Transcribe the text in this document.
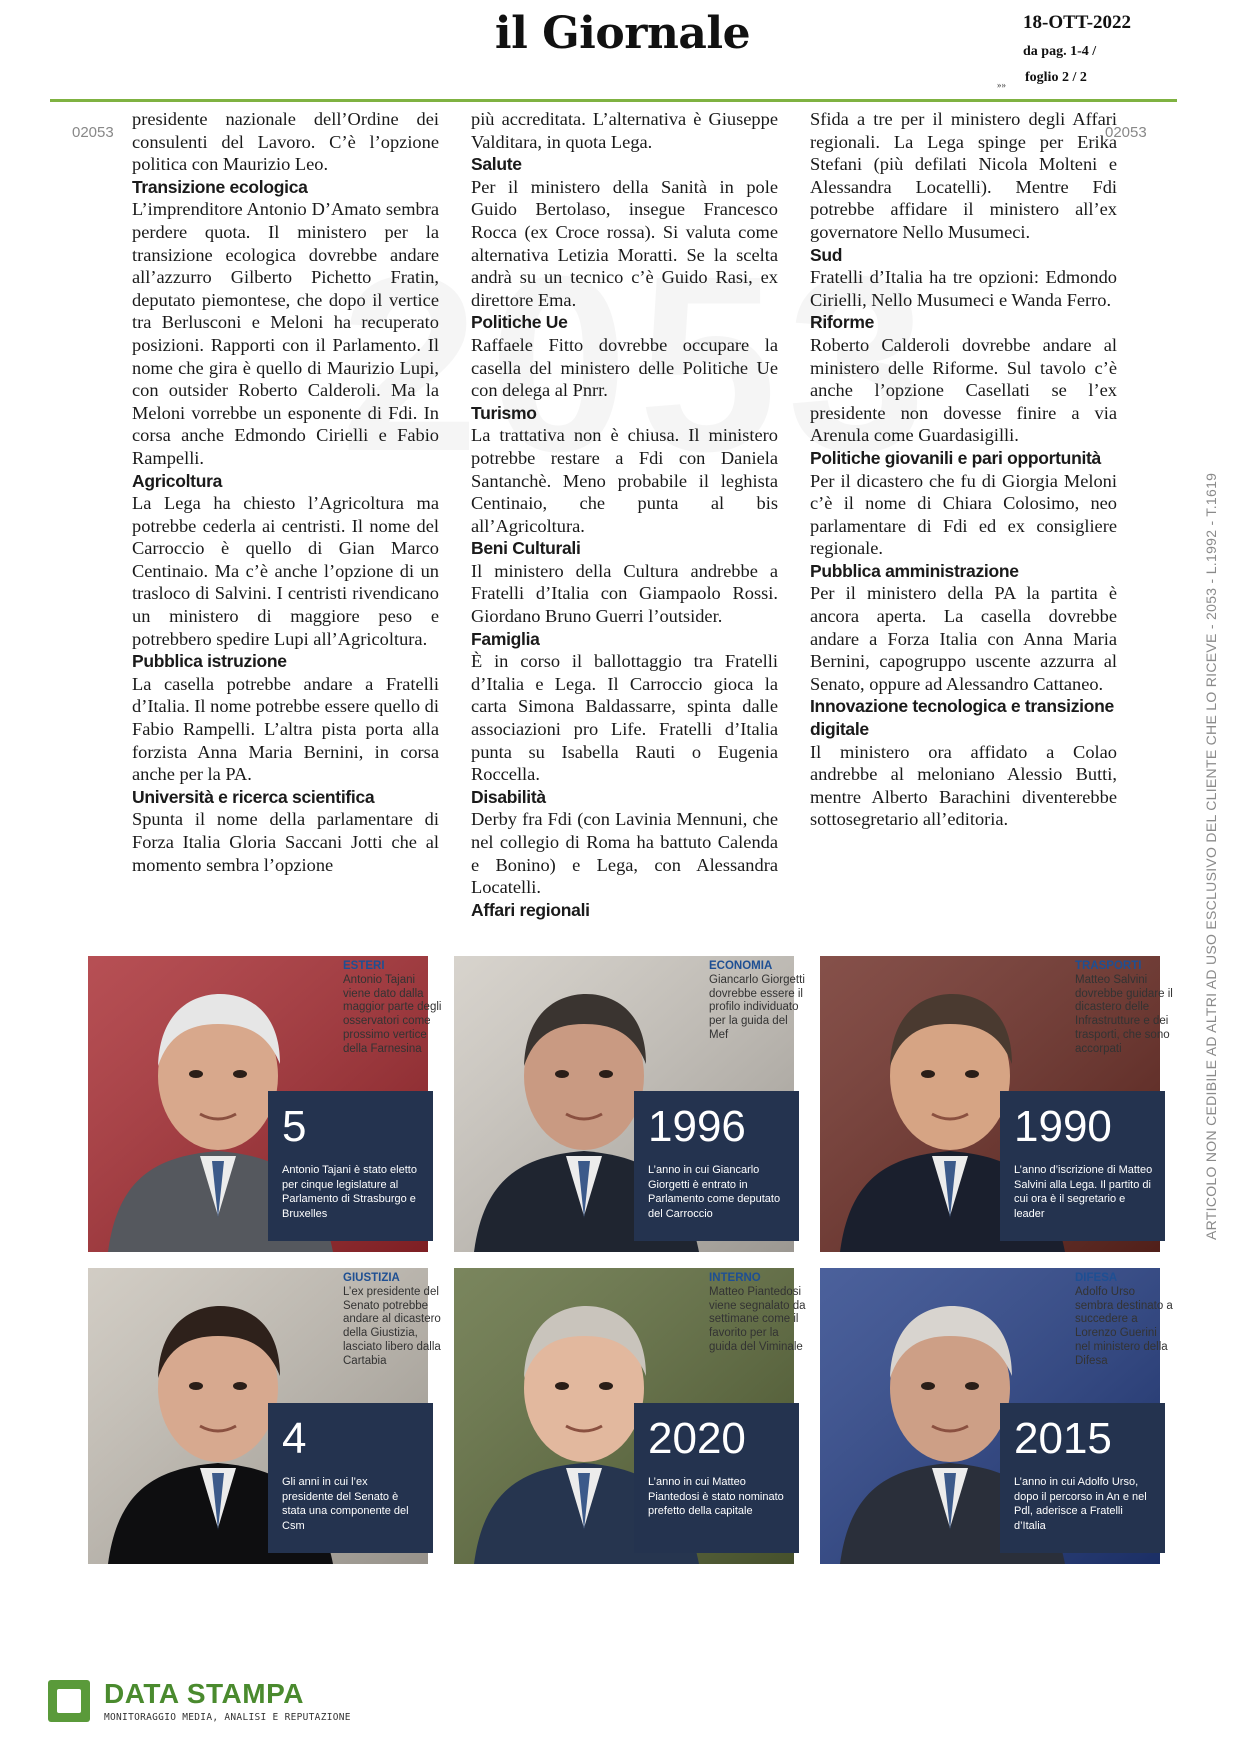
il Giornale	18-OTT-2022
da pag. 1-4 /
foglio 2 / 2
»»
02053	02053
ARTICOLO NON CEDIBILE AD ALTRI AD USO ESCLUSIVO DEL CLIENTE CHE LO RICEVE - 2053 - L.1992 - T.1619

presidente nazionale dell’Ordine dei consulenti del Lavoro. C’è l’opzione politica con Maurizio Leo.

Transizione ecologica

L’imprenditore Antonio D’Amato sembra perdere quota. Il ministero per la transizione ecologica dovrebbe andare all’azzurro Gilberto Pichetto Fratin, deputato piemontese, che dopo il vertice tra Berlusconi e Meloni ha recuperato posizioni. Rapporti con il Parlamento. Il nome che gira è quello di Maurizio Lupi, con outsider Roberto Calderoli. Ma la Meloni vorrebbe un esponente di Fdi. In corsa anche Edmondo Cirielli e Fabio Rampelli.

Agricoltura

La Lega ha chiesto l’Agricoltura ma potrebbe cederla ai centristi. Il nome del Carroccio è quello di Gian Marco Centinaio. Ma c’è anche l’opzione di un trasloco di Salvini. I centristi rivendicano un ministero di maggiore peso e potrebbero spedire Lupi all’Agricoltura.

Pubblica istruzione

La casella potrebbe andare a Fratelli d’Italia. Il nome potrebbe essere quello di Fabio Rampelli. L’altra pista porta alla forzista Anna Maria Bernini, in corsa anche per la PA.

Università e ricerca scientifica

Spunta il nome della parlamentare di Forza Italia Gloria Saccani Jotti che al momento sembra l’opzione

più accreditata. L’alternativa è Giuseppe Valditara, in quota Lega.

Salute

Per il ministero della Sanità in pole Guido Bertolaso, insegue Francesco Rocca (ex Croce rossa). Si valuta come alternativa Letizia Moratti. Se la scelta andrà su un tecnico c’è Guido Rasi, ex direttore Ema.

Politiche Ue

Raffaele Fitto dovrebbe occupare la casella del ministero delle Politiche Ue con delega al Pnrr.

Turismo

La trattativa non è chiusa. Il ministero potrebbe restare a Fdi con Daniela Santanchè. Meno probabile il leghista Centinaio, che punta al bis all’Agricoltura.

Beni Culturali

Il ministero della Cultura andrebbe a Fratelli d’Italia con Giampaolo Rossi. Giordano Bruno Guerri l’outsider.

Famiglia

È in corso il ballottaggio tra Fratelli d’Italia e Lega. Il Carroccio gioca la carta Simona Baldassarre, spinta dalle associazioni pro Life. Fratelli d’Italia punta su Isabella Rauti o Eugenia Roccella.

Disabilità

Derby fra Fdi (con Lavinia Mennuni, che nel collegio di Roma ha battuto Calenda e Bonino) e Lega, con Alessandra Locatelli.

Affari regionali

Sfida a tre per il ministero degli Affari regionali. La Lega spinge per Erika Stefani (più defilati Nicola Molteni e Alessandra Locatelli). Mentre Fdi potrebbe affidare il ministero all’ex governatore Nello Musumeci.

Sud

Fratelli d’Italia ha tre opzioni: Edmondo Cirielli, Nello Musumeci e Wanda Ferro.

Riforme

Roberto Calderoli dovrebbe andare al ministero delle Riforme. Sul tavolo c’è anche l’opzione Casellati se l’ex presidente non dovesse finire a via Arenula come Guardasigilli.

Politiche giovanili e pari opportunità

Per il dicastero che fu di Giorgia Meloni c’è il nome di Chiara Colosimo, neo parlamentare di Fdi ed ex consigliere regionale.

Pubblica amministrazione

Per il ministero della PA la partita è ancora aperta. La casella dovrebbe andare a Forza Italia con Anna Maria Bernini, capogruppo uscente azzurra al Senato, oppure ad Alessandro Cattaneo.

Innovazione tecnologica e transizione digitale

Il ministero ora affidato a Colao andrebbe al meloniano Alessio Butti, mentre Alberto Barachini diventerebbe sottosegretario all’editoria.

ESTERI
Antonio Tajani viene dato dalla maggior parte degli osservatori come prossimo vertice della Farnesina
5
Antonio Tajani è stato eletto per cinque legislature al Parlamento di Strasburgo e Bruxelles
ECONOMIA
Giancarlo Giorgetti dovrebbe essere il profilo individuato per la guida del Mef
1996
L’anno in cui Giancarlo Giorgetti è entrato in Parlamento come deputato del Carroccio
TRASPORTI
Matteo Salvini dovrebbe guidare il dicastero delle Infrastrutture e dei trasporti, che sono accorpati
1990
L’anno d’iscrizione di Matteo Salvini alla Lega. Il partito di cui ora è il segretario e leader
GIUSTIZIA
L’ex presidente del Senato potrebbe andare al dicastero della Giustizia, lasciato libero dalla Cartabia
4
Gli anni in cui l’ex presidente del Senato è stata una componente del Csm
INTERNO
Matteo Piantedosi viene segnalato da settimane come il favorito per la guida del Viminale
2020
L’anno in cui Matteo Piantedosi è stato nominato prefetto della capitale
DIFESA
Adolfo Urso sembra destinato a succedere a Lorenzo Guerini nel ministero della Difesa
2015
L’anno in cui Adolfo Urso, dopo il percorso in An e nel Pdl, aderisce a Fratelli d’Italia
DATA STAMPA
MONITORAGGIO MEDIA, ANALISI E REPUTAZIONE
